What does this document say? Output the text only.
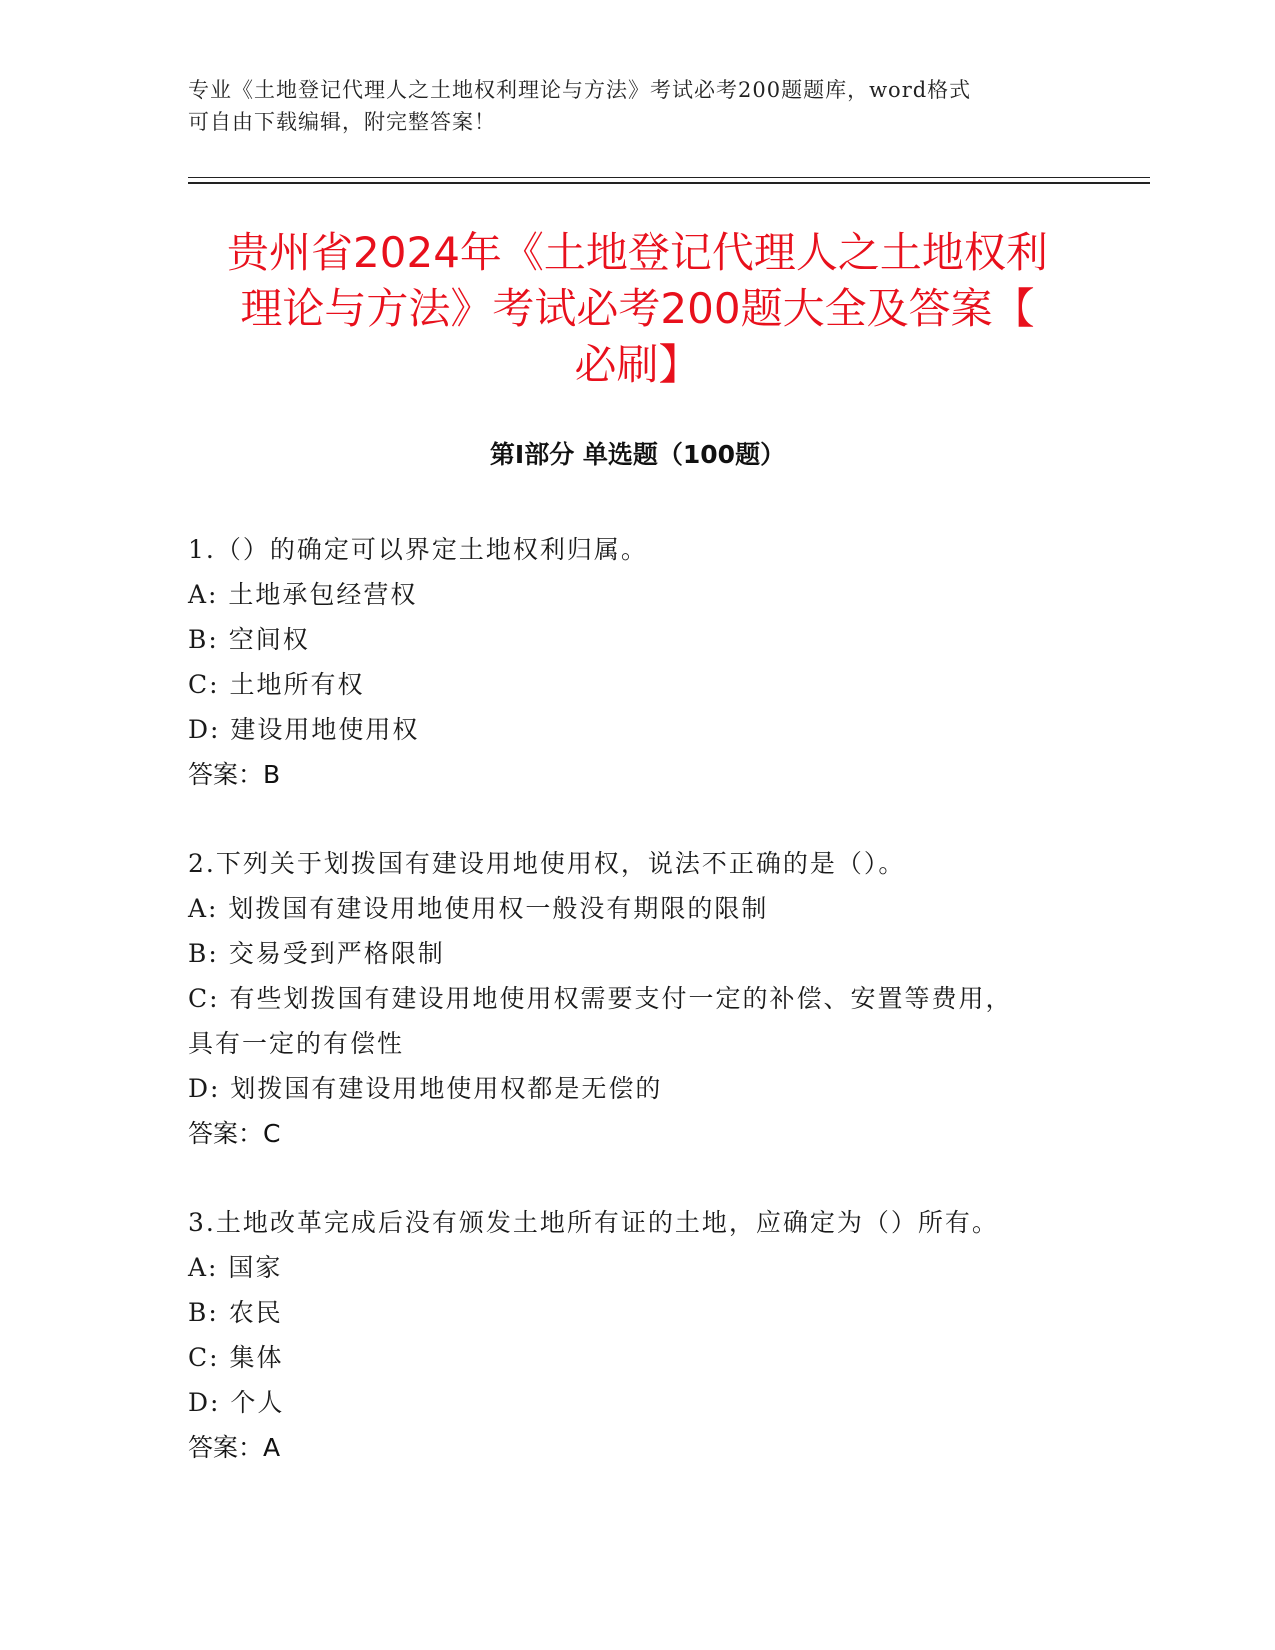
专业《土地登记代理人之土地权利理论与方法》考试必考200题题库，word格式
可自由下载编辑，附完整答案！
贵州省2024年《土地登记代理人之土地权利
理论与方法》考试必考200题大全及答案【
必刷】
第I部分 单选题（100题）
1.（）的确定可以界定土地权利归属。
A: 土地承包经营权
B: 空间权
C: 土地所有权
D: 建设用地使用权
答案：B
2.下列关于划拨国有建设用地使用权，说法不正确的是（）。
A: 划拨国有建设用地使用权一般没有期限的限制
B: 交易受到严格限制
C: 有些划拨国有建设用地使用权需要支付一定的补偿、安置等费用，
具有一定的有偿性
D: 划拨国有建设用地使用权都是无偿的
答案：C
3.土地改革完成后没有颁发土地所有证的土地，应确定为（）所有。
A: 国家
B: 农民
C: 集体
D: 个人
答案：A
